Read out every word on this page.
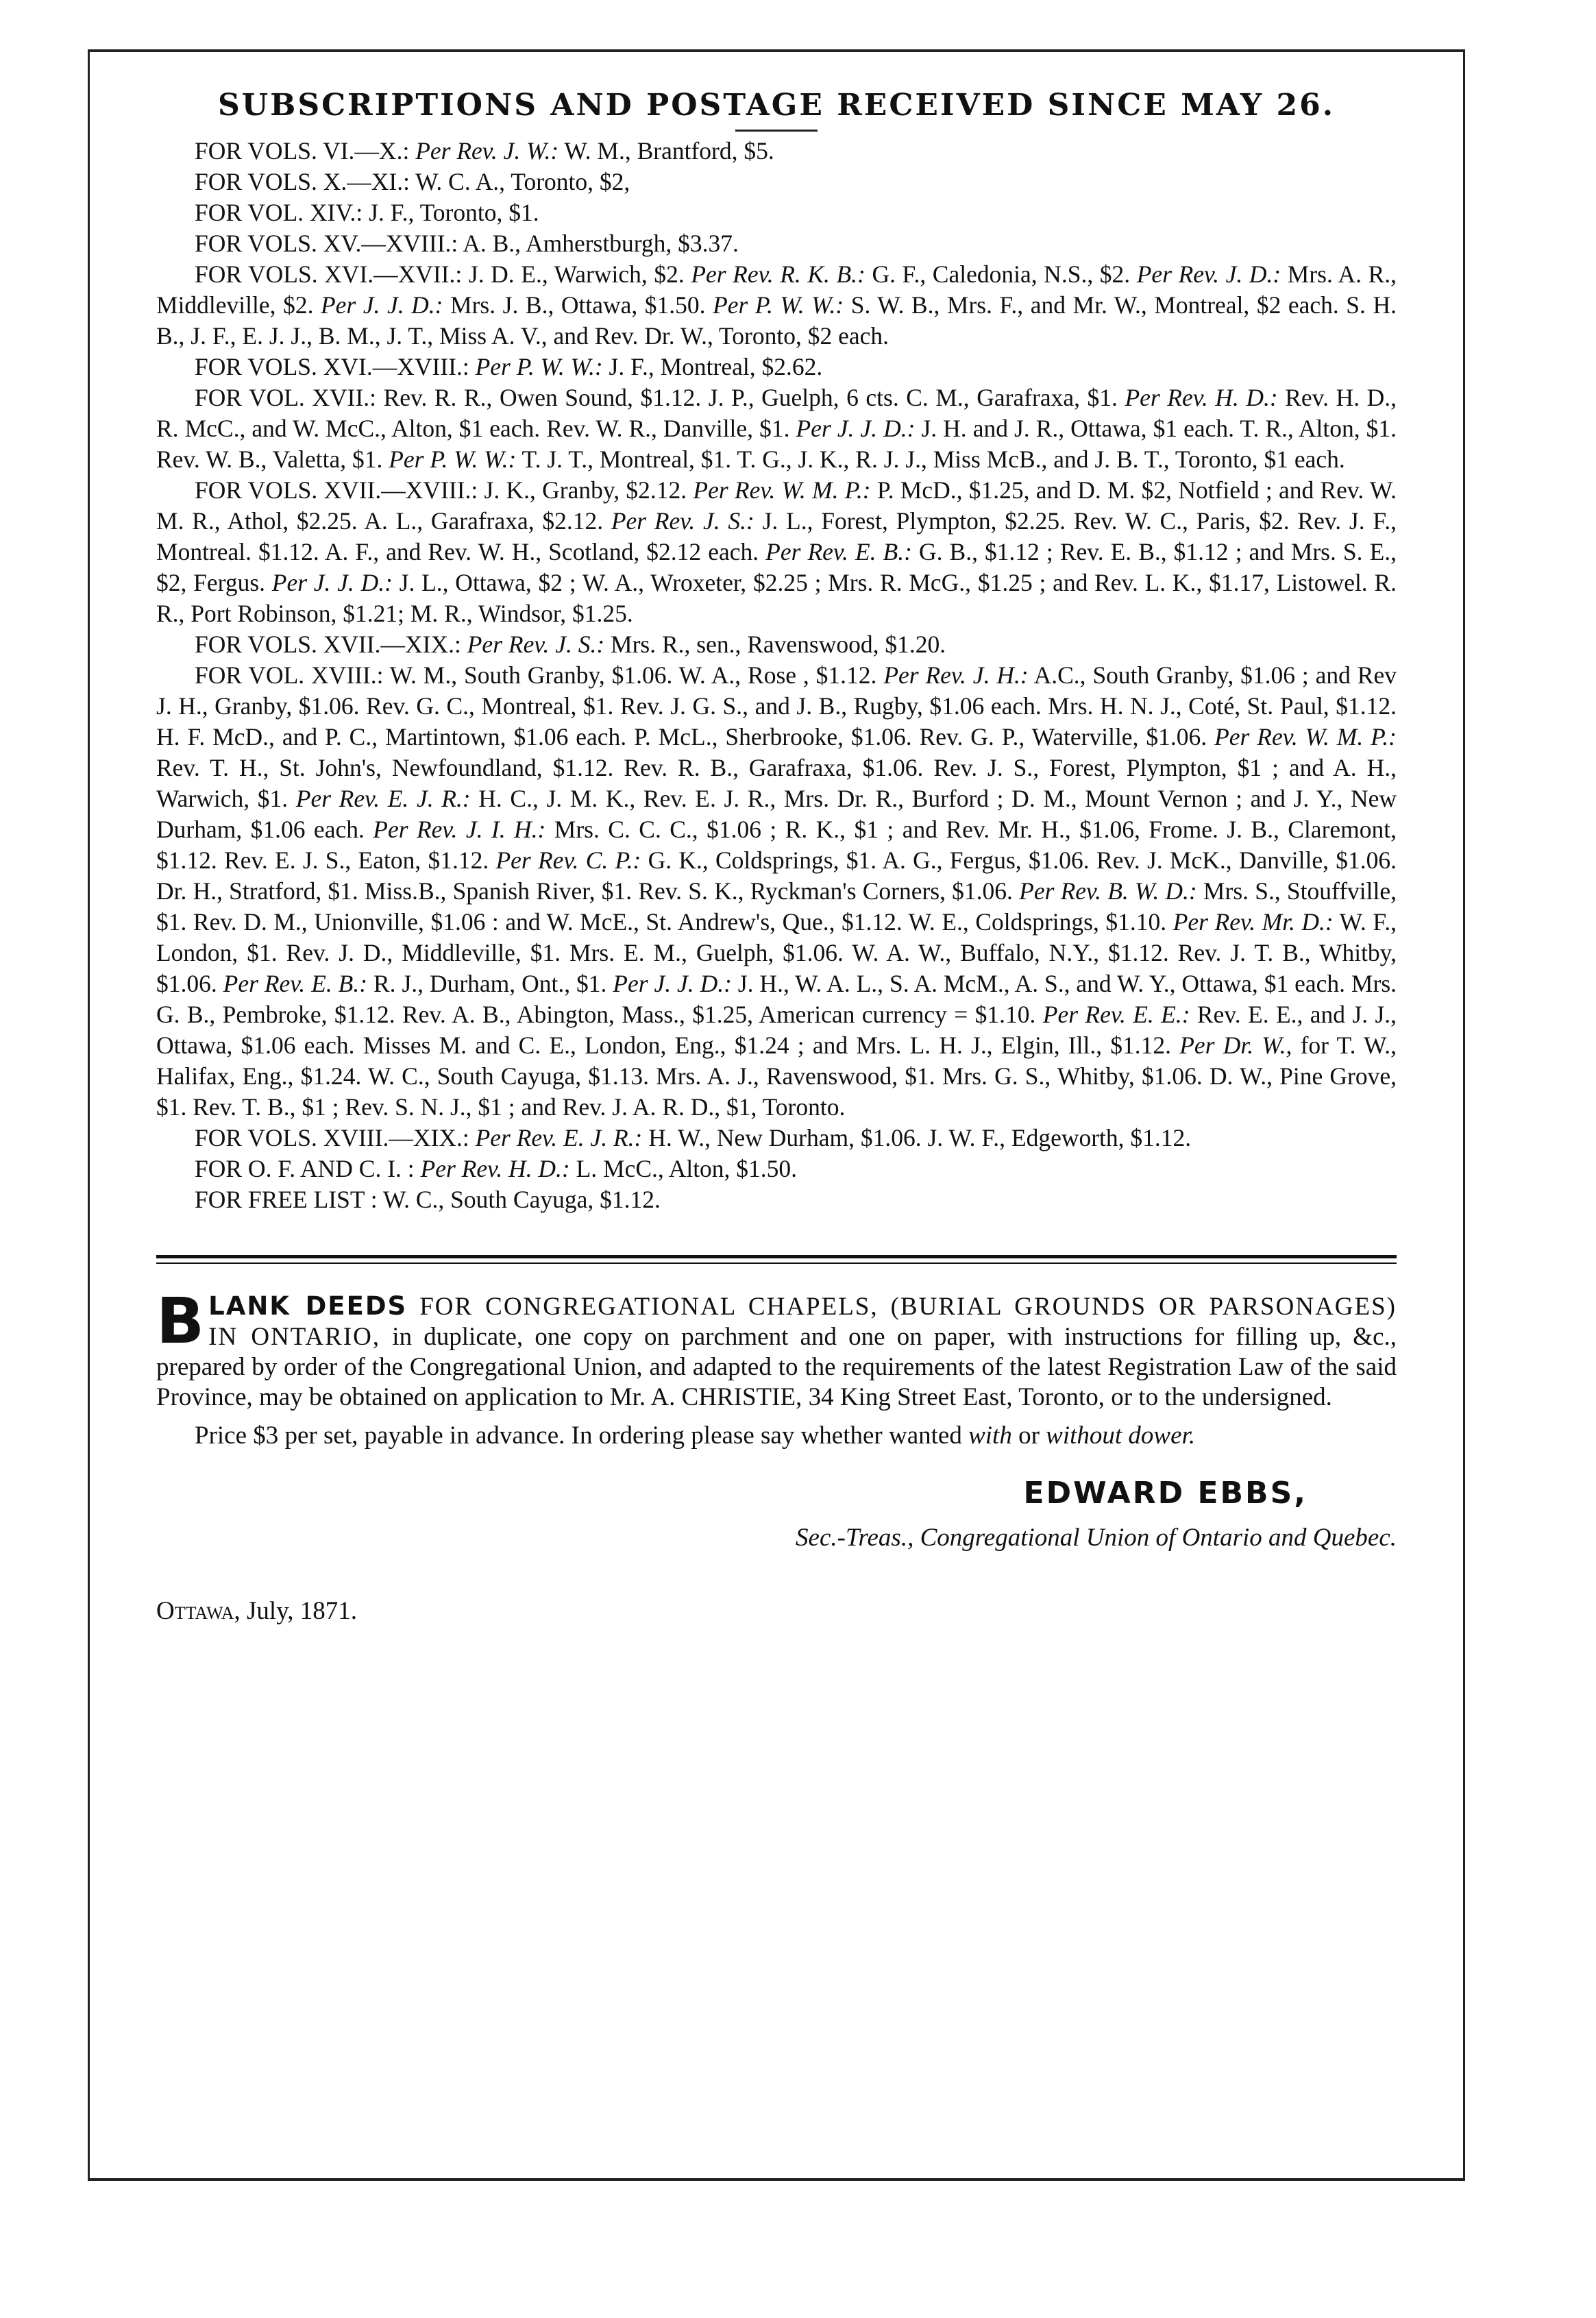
SUBSCRIPTIONS AND POSTAGE RECEIVED SINCE MAY 26.

FOR VOLS. VI.—X.: Per Rev. J. W.: W. M., Brantford, $5.

FOR VOLS. X.—XI.: W. C. A., Toronto, $2,

FOR VOL. XIV.: J. F., Toronto, $1.

FOR VOLS. XV.—XVIII.: A. B., Amherstburgh, $3.37.

FOR VOLS. XVI.—XVII.: J. D. E., Warwich, $2. Per Rev. R. K. B.: G. F., Caledonia, N.S., $2. Per Rev. J. D.: Mrs. A. R., Middleville, $2. Per J. J. D.: Mrs. J. B., Ottawa, $1.50. Per P. W. W.: S. W. B., Mrs. F., and Mr. W., Montreal, $2 each. S. H. B., J. F., E. J. J., B. M., J. T., Miss A. V., and Rev. Dr. W., Toronto, $2 each.

FOR VOLS. XVI.—XVIII.: Per P. W. W.: J. F., Montreal, $2.62.

FOR VOL. XVII.: Rev. R. R., Owen Sound, $1.12. J. P., Guelph, 6 cts. C. M., Garafraxa, $1. Per Rev. H. D.: Rev. H. D., R. McC., and W. McC., Alton, $1 each. Rev. W. R., Danville, $1. Per J. J. D.: J. H. and J. R., Ottawa, $1 each. T. R., Alton, $1. Rev. W. B., Valetta, $1. Per P. W. W.: T. J. T., Montreal, $1. T. G., J. K., R. J. J., Miss McB., and J. B. T., Toronto, $1 each.

FOR VOLS. XVII.—XVIII.: J. K., Granby, $2.12. Per Rev. W. M. P.: P. McD., $1.25, and D. M. $2, Notfield ; and Rev. W. M. R., Athol, $2.25. A. L., Garafraxa, $2.12. Per Rev. J. S.: J. L., Forest, Plympton, $2.25. Rev. W. C., Paris, $2. Rev. J. F., Montreal. $1.12. A. F., and Rev. W. H., Scotland, $2.12 each. Per Rev. E. B.: G. B., $1.12 ; Rev. E. B., $1.12 ; and Mrs. S. E., $2, Fergus. Per J. J. D.: J. L., Ottawa, $2 ; W. A., Wroxeter, $2.25 ; Mrs. R. McG., $1.25 ; and Rev. L. K., $1.17, Listowel. R. R., Port Robinson, $1.21; M. R., Windsor, $1.25.

FOR VOLS. XVII.—XIX.: Per Rev. J. S.: Mrs. R., sen., Ravenswood, $1.20.

FOR VOL. XVIII.: W. M., South Granby, $1.06. W. A., Rose , $1.12. Per Rev. J. H.: A.C., South Granby, $1.06 ; and Rev J. H., Granby, $1.06. Rev. G. C., Montreal, $1. Rev. J. G. S., and J. B., Rugby, $1.06 each. Mrs. H. N. J., Coté, St. Paul, $1.12. H. F. McD., and P. C., Martintown, $1.06 each. P. McL., Sherbrooke, $1.06. Rev. G. P., Waterville, $1.06. Per Rev. W. M. P.: Rev. T. H., St. John's, Newfoundland, $1.12. Rev. R. B., Garafraxa, $1.06. Rev. J. S., Forest, Plympton, $1 ; and A. H., Warwich, $1. Per Rev. E. J. R.: H. C., J. M. K., Rev. E. J. R., Mrs. Dr. R., Burford ; D. M., Mount Vernon ; and J. Y., New Durham, $1.06 each. Per Rev. J. I. H.: Mrs. C. C. C., $1.06 ; R. K., $1 ; and Rev. Mr. H., $1.06, Frome. J. B., Claremont, $1.12. Rev. E. J. S., Eaton, $1.12. Per Rev. C. P.: G. K., Coldsprings, $1. A. G., Fergus, $1.06. Rev. J. McK., Danville, $1.06. Dr. H., Stratford, $1. Miss.B., Spanish River, $1. Rev. S. K., Ryckman's Corners, $1.06. Per Rev. B. W. D.: Mrs. S., Stouffville, $1. Rev. D. M., Unionville, $1.06 : and W. McE., St. Andrew's, Que., $1.12. W. E., Coldsprings, $1.10. Per Rev. Mr. D.: W. F., London, $1. Rev. J. D., Middleville, $1. Mrs. E. M., Guelph, $1.06. W. A. W., Buffalo, N.Y., $1.12. Rev. J. T. B., Whitby, $1.06. Per Rev. E. B.: R. J., Durham, Ont., $1. Per J. J. D.: J. H., W. A. L., S. A. McM., A. S., and W. Y., Ottawa, $1 each. Mrs. G. B., Pembroke, $1.12. Rev. A. B., Abington, Mass., $1.25, American currency = $1.10. Per Rev. E. E.: Rev. E. E., and J. J., Ottawa, $1.06 each. Misses M. and C. E., London, Eng., $1.24 ; and Mrs. L. H. J., Elgin, Ill., $1.12. Per Dr. W., for T. W., Halifax, Eng., $1.24. W. C., South Cayuga, $1.13. Mrs. A. J., Ravenswood, $1. Mrs. G. S., Whitby, $1.06. D. W., Pine Grove, $1. Rev. T. B., $1 ; Rev. S. N. J., $1 ; and Rev. J. A. R. D., $1, Toronto.

FOR VOLS. XVIII.—XIX.: Per Rev. E. J. R.: H. W., New Durham, $1.06. J. W. F., Edgeworth, $1.12.

FOR O. F. AND C. I. : Per Rev. H. D.: L. McC., Alton, $1.50.

FOR FREE LIST : W. C., South Cayuga, $1.12.

BLANK DEEDS FOR CONGREGATIONAL CHAPELS, (BURIAL GROUNDS OR PARSONAGES) IN ONTARIO, in duplicate, one copy on parchment and one on paper, with instructions for filling up, &c., prepared by order of the Congregational Union, and adapted to the requirements of the latest Registration Law of the said Province, may be obtained on application to Mr. A. CHRISTIE, 34 King Street East, Toronto, or to the undersigned.

Price $3 per set, payable in advance. In ordering please say whether wanted with or without dower.

EDWARD EBBS,
Sec.-Treas., Congregational Union of Ontario and Quebec.
Ottawa, July, 1871.
